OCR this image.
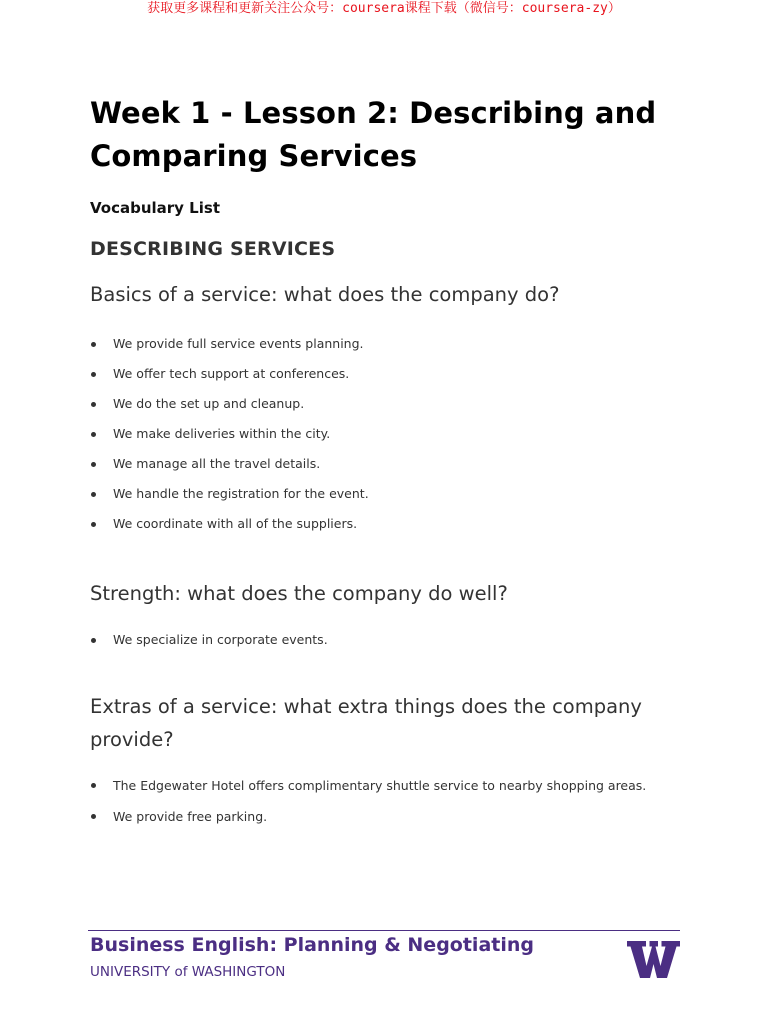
获取更多课程和更新关注公众号：coursera课程下载（微信号：coursera-zy）
Week 1 - Lesson 2: Describing and Comparing Services
Vocabulary List
DESCRIBING SERVICES
Basics of a service: what does the company do?
We provide full service events planning.
We offer tech support at conferences.
We do the set up and cleanup.
We make deliveries within the city.
We manage all the travel details.
We handle the registration for the event.
We coordinate with all of the suppliers.
Strength: what does the company do well?
We specialize in corporate events.
Extras of a service: what extra things does the company provide?
The Edgewater Hotel offers complimentary shuttle service to nearby shopping areas.
We provide free parking.
Business English: Planning & Negotiating
UNIVERSITY of WASHINGTON
